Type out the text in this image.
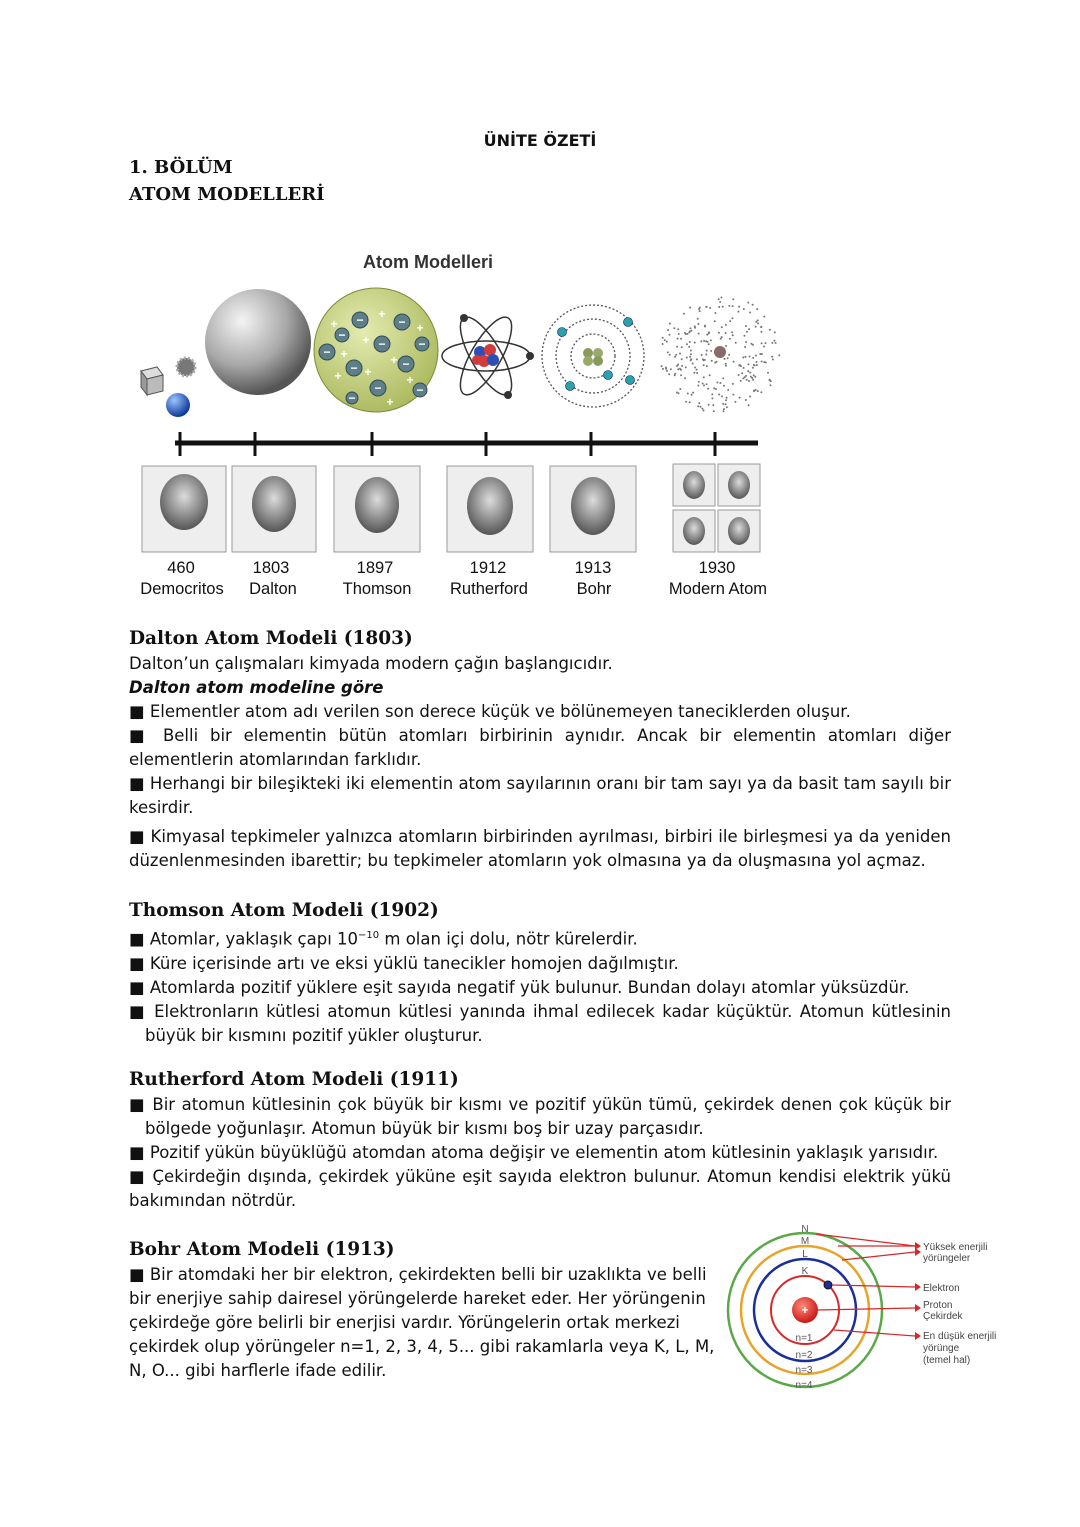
ÜNİTE ÖZETİ
1. BÖLÜM
ATOM MODELLERİ
Atom Modelleri
−	−
−
−
−
−
−	−
−
−
−
+
+
+
+
+
+	+
+
+
+
460
Democritos
1803
Dalton
1897
Thomson
1912
Rutherford
1913
Bohr
1930
Modern Atom
Dalton Atom Modeli (1803)

Dalton’un çalışmaları kimyada modern çağın başlangıcıdır.

Dalton atom modeline göre

■ Elementler atom adı verilen son derece küçük ve bölünemeyen taneciklerden oluşur.

■ Belli bir elementin bütün atomları birbirinin aynıdır. Ancak bir elementin atomları diğer elementlerin atomlarından farklıdır.

■ Herhangi bir bileşikteki iki elementin atom sayılarının oranı bir tam sayı ya da basit tam sayılı bir kesirdir.

■ Kimyasal tepkimeler yalnızca atomların birbirinden ayrılması, birbiri ile birleşmesi ya da yeniden düzenlenmesinden ibarettir; bu tepkimeler atomların yok olmasına ya da oluşmasına yol açmaz.

Thomson Atom Modeli (1902)

■ Atomlar, yaklaşık çapı $10^{-10}$ m olan içi dolu, nötr kürelerdir.

■ Küre içerisinde artı ve eksi yüklü tanecikler homojen dağılmıştır.

■ Atomlarda pozitif yüklere eşit sayıda negatif yük bulunur. Bundan dolayı atomlar yüksüzdür.

■ Elektronların kütlesi atomun kütlesi yanında ihmal edilecek kadar küçüktür. Atomun kütlesinin büyük bir kısmını pozitif yükler oluşturur.

Rutherford Atom Modeli (1911)

■ Bir atomun kütlesinin çok büyük bir kısmı ve pozitif yükün tümü, çekirdek denen çok küçük bir bölgede yoğunlaşır. Atomun büyük bir kısmı boş bir uzay parçasıdır.

■ Pozitif yükün büyüklüğü atomdan atoma değişir ve elementin atom kütlesinin yaklaşık yarısıdır.

■ Çekirdeğin dışında, çekirdek yüküne eşit sayıda elektron bulunur. Atomun kendisi elektrik yükü bakımından nötrdür.

Bohr Atom Modeli (1913)
■ Bir atomdaki her bir elektron, çekirdekten belli bir uzaklıkta ve belli
bir enerjiye sahip dairesel yörüngelerde hareket eder. Her yörüngenin
çekirdeğe göre belirli bir enerjisi vardır. Yörüngelerin ortak merkezi
çekirdek olup yörüngeler n=1, 2, 3, 4, 5... gibi rakamlarla veya K, L, M,
N, O... gibi harflerle ifade edilir.
+
N
M
L
K
n=1
n=2
n=3
n=4
Yüksek enerjili
yörüngeler
Elektron
Proton
Çekirdek
En düşük enerjili
yörünge
(temel hal)
